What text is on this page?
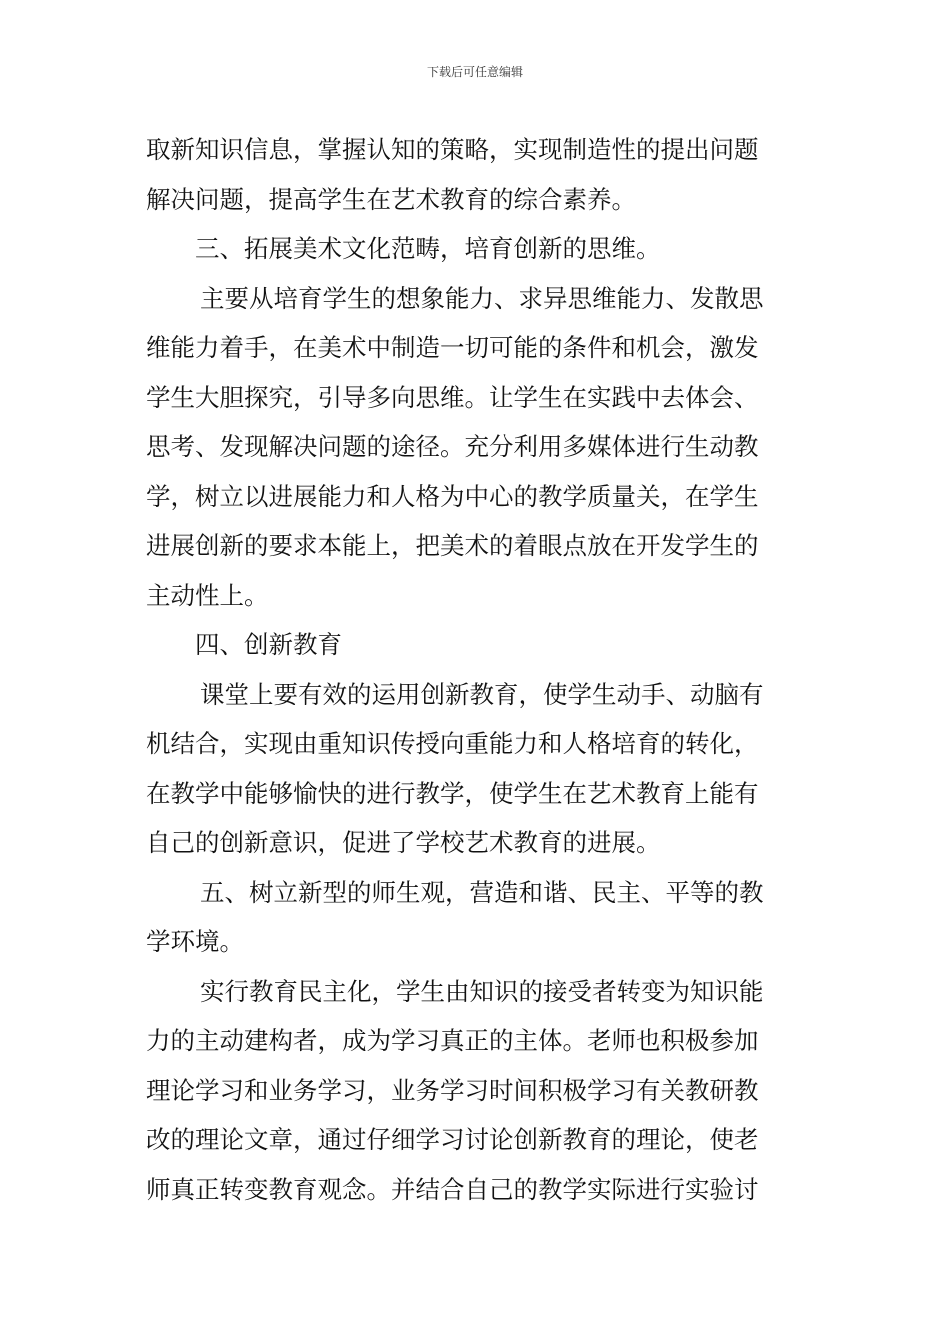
下载后可任意编辑
取新知识信息，掌握认知的策略，实现制造性的提出问题
解决问题，提高学生在艺术教育的综合素养。
三、拓展美术文化范畴，培育创新的思维。
主要从培育学生的想象能力、求异思维能力、发散思
维能力着手，在美术中制造一切可能的条件和机会，激发
学生大胆探究，引导多向思维。让学生在实践中去体会、
思考、发现解决问题的途径。充分利用多媒体进行生动教
学，树立以进展能力和人格为中心的教学质量关，在学生
进展创新的要求本能上，把美术的着眼点放在开发学生的
主动性上。
四、创新教育
课堂上要有效的运用创新教育，使学生动手、动脑有
机结合，实现由重知识传授向重能力和人格培育的转化，
在教学中能够愉快的进行教学，使学生在艺术教育上能有
自己的创新意识，促进了学校艺术教育的进展。
五、树立新型的师生观，营造和谐、民主、平等的教
学环境。
实行教育民主化，学生由知识的接受者转变为知识能
力的主动建构者，成为学习真正的主体。老师也积极参加
理论学习和业务学习，业务学习时间积极学习有关教研教
改的理论文章，通过仔细学习讨论创新教育的理论，使老
师真正转变教育观念。并结合自己的教学实际进行实验讨
